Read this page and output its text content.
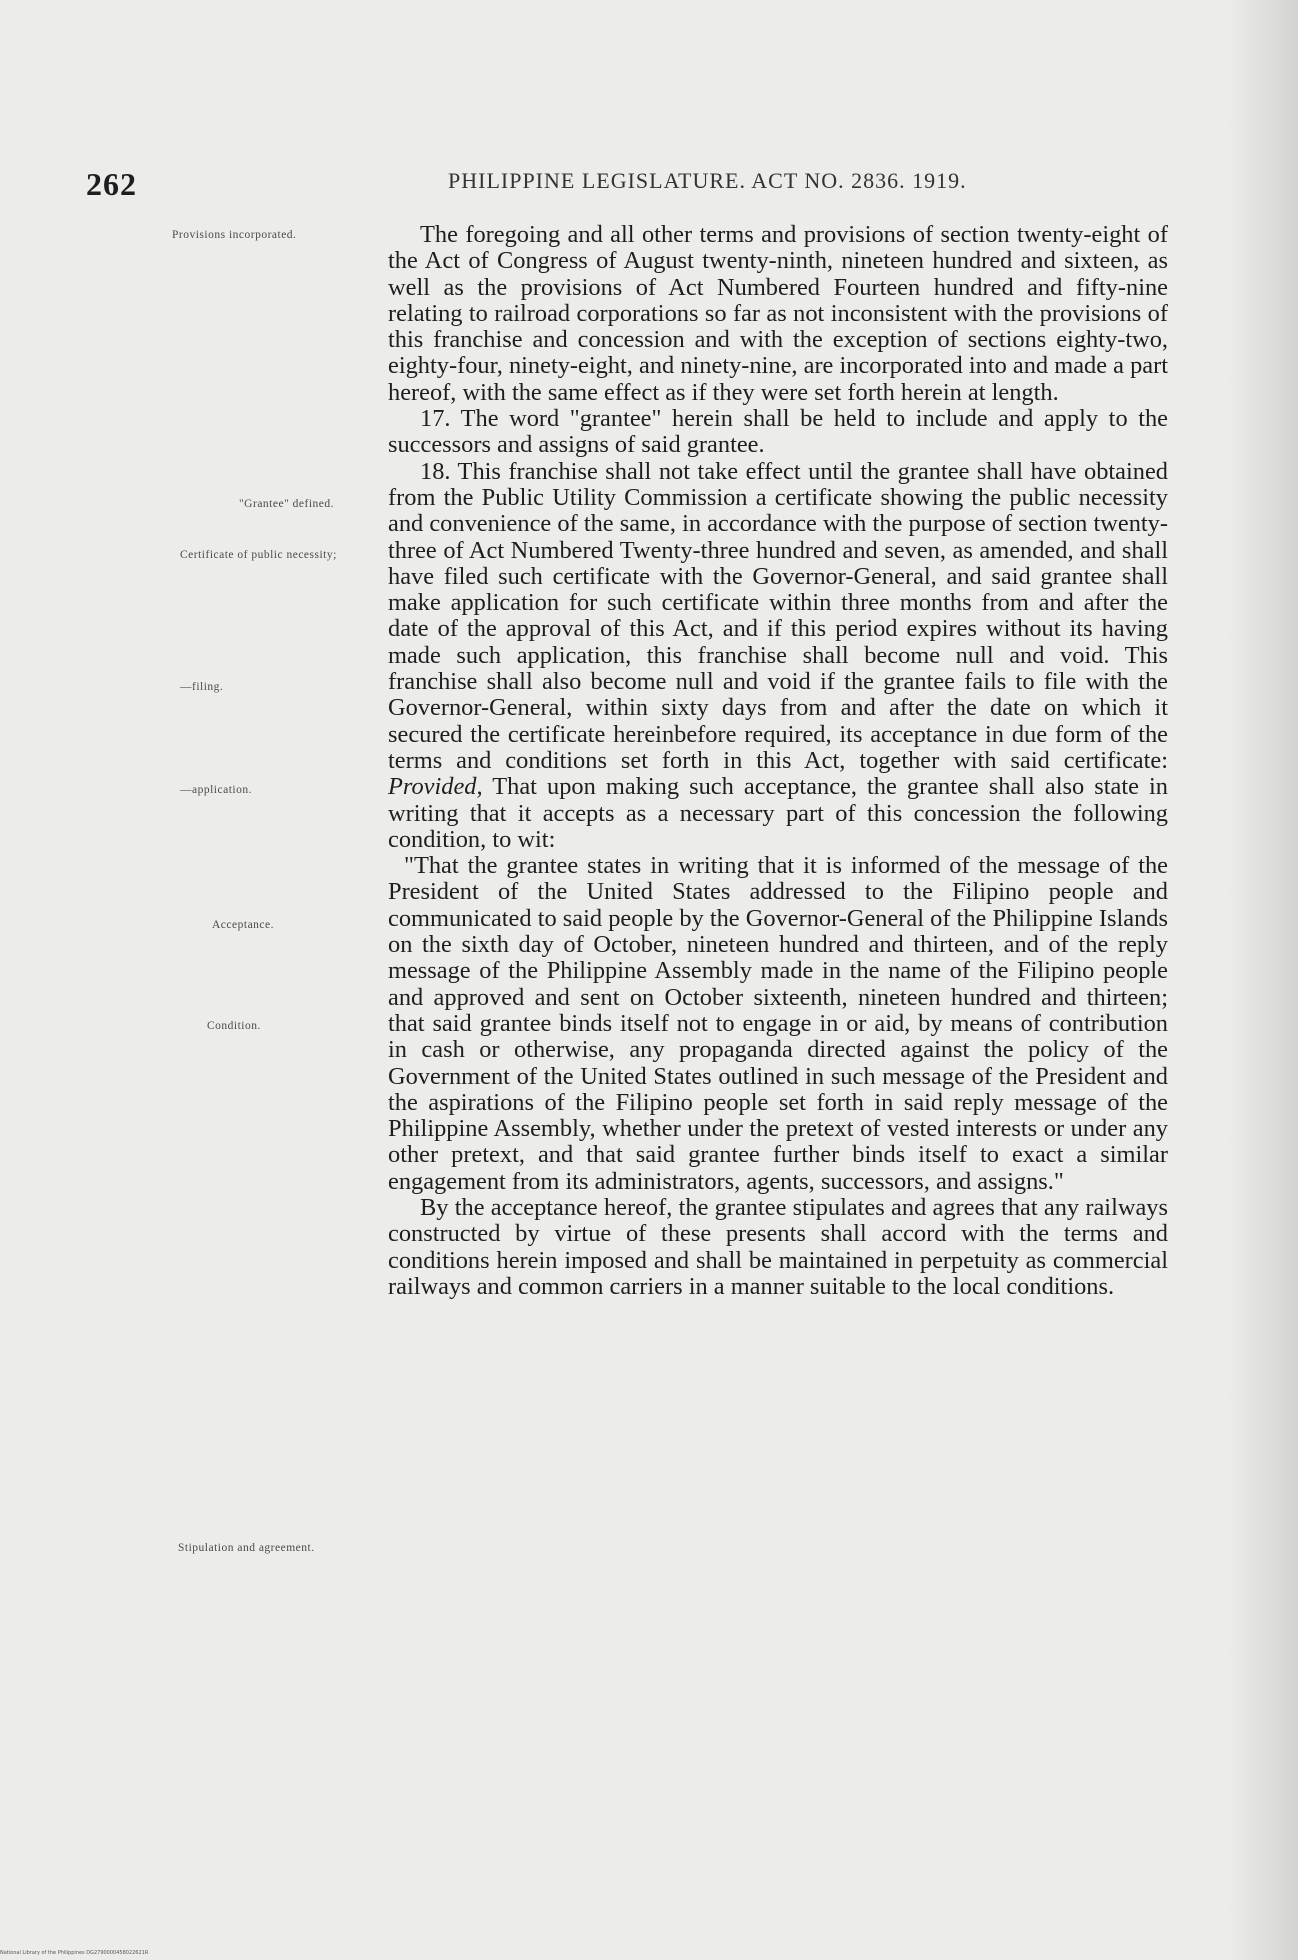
262	PHILIPPINE LEGISLATURE. ACT NO. 2836. 1919.
Provisions incorporated.
"Grantee" defined.
Certificate of public necessity;
—filing.
—application.
Acceptance.
Condition.
Stipulation and agreement.

The foregoing and all other terms and provisions of section twenty-eight of the Act of Congress of August twenty-ninth, nineteen hundred and sixteen, as well as the provisions of Act Numbered Fourteen hundred and fifty-nine relating to railroad corporations so far as not inconsistent with the provisions of this franchise and concession and with the exception of sections eighty-two, eighty-four, ninety-eight, and ninety-nine, are incorporated into and made a part hereof, with the same effect as if they were set forth herein at length.

17. The word "grantee" herein shall be held to include and apply to the successors and assigns of said grantee.

18. This franchise shall not take effect until the grantee shall have obtained from the Public Utility Commission a certificate showing the public necessity and convenience of the same, in accordance with the purpose of section twenty-three of Act Numbered Twenty-three hundred and seven, as amended, and shall have filed such certificate with the Governor-General, and said grantee shall make application for such certificate within three months from and after the date of the approval of this Act, and if this period expires without its having made such application, this franchise shall become null and void. This franchise shall also become null and void if the grantee fails to file with the Governor-General, within sixty days from and after the date on which it secured the certificate hereinbefore required, its acceptance in due form of the terms and conditions set forth in this Act, together with said certificate: Provided, That upon making such acceptance, the grantee shall also state in writing that it accepts as a necessary part of this concession the following condition, to wit:

"That the grantee states in writing that it is informed of the message of the President of the United States addressed to the Filipino people and communicated to said people by the Governor-General of the Philippine Islands on the sixth day of October, nineteen hundred and thirteen, and of the reply message of the Philippine Assembly made in the name of the Filipino people and approved and sent on October sixteenth, nineteen hundred and thirteen; that said grantee binds itself not to engage in or aid, by means of contribution in cash or otherwise, any propaganda directed against the policy of the Government of the United States outlined in such message of the President and the aspirations of the Filipino people set forth in said reply message of the Philippine Assembly, whether under the pretext of vested interests or under any other pretext, and that said grantee further binds itself to exact a similar engagement from its administrators, agents, successors, and assigns."

By the acceptance hereof, the grantee stipulates and agrees that any railways constructed by virtue of these presents shall accord with the terms and conditions herein imposed and shall be maintained in perpetuity as commercial railways and common carriers in a manner suitable to the local conditions.

National Library of the Philippines DG2790000458022621R
